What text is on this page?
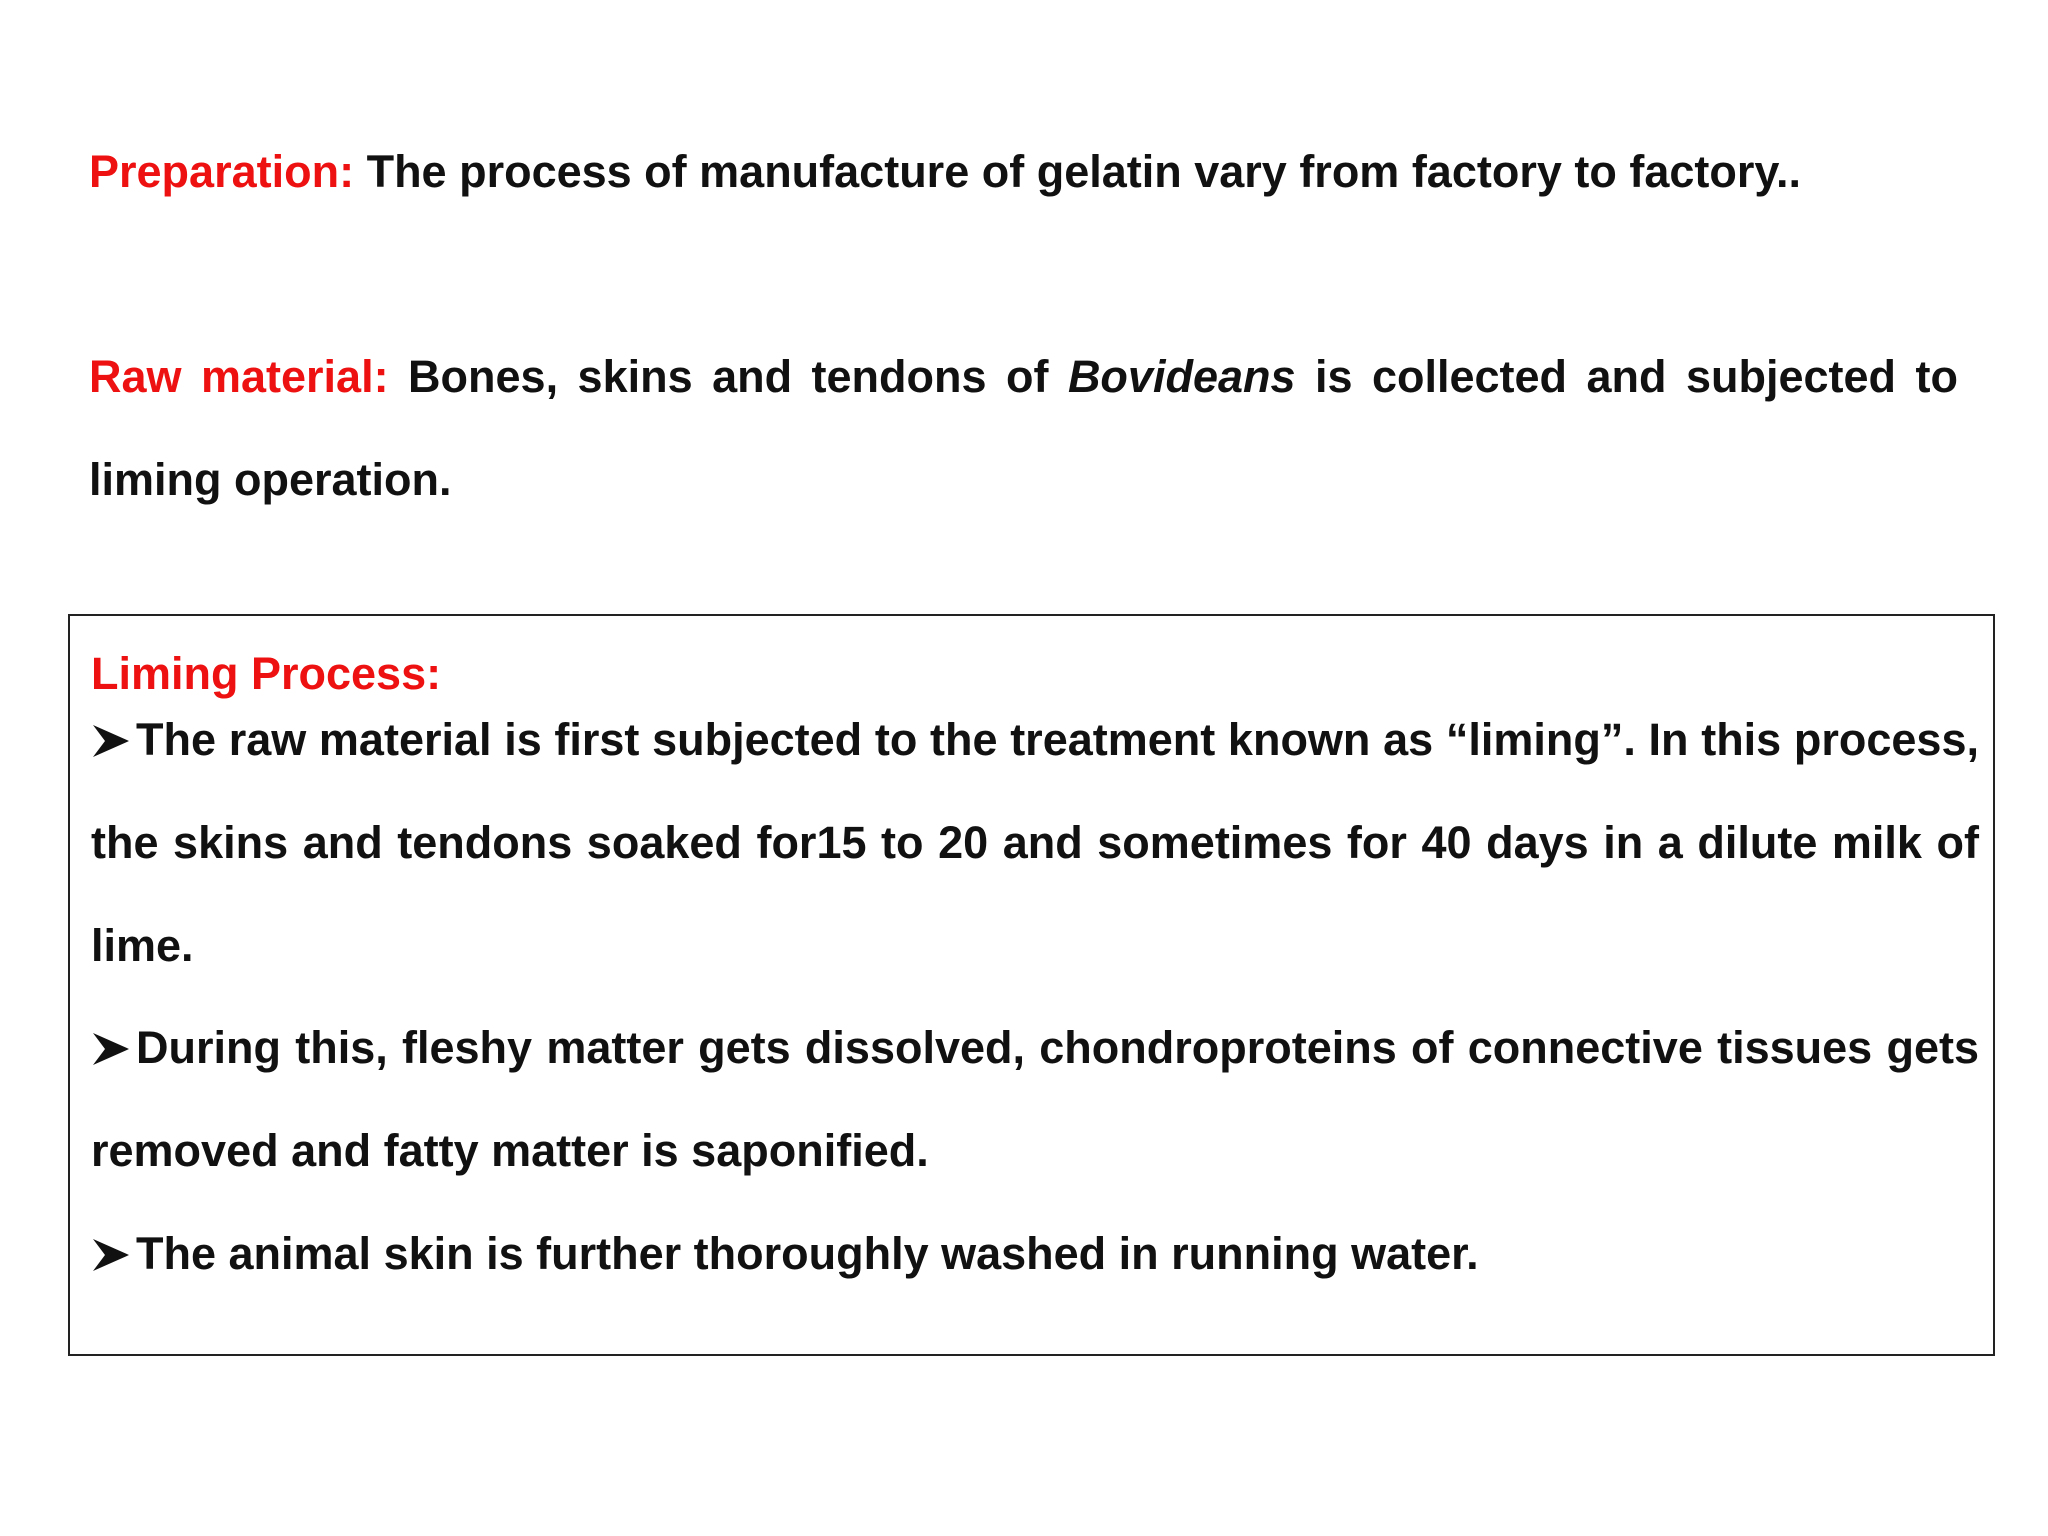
Preparation: The process of manufacture of gelatin vary from factory to factory..
Raw material: Bones, skins and tendons of Bovideans is collected and subjected to liming operation.
Liming Process:
The raw material is first subjected to the treatment known as “liming”. In this process, the skins and tendons soaked for15 to 20 and sometimes for 40 days in a dilute milk of lime.
During this, fleshy matter gets dissolved, chondroproteins of connective tissues gets removed and fatty matter is saponified.
The animal skin is further thoroughly washed in running water.
